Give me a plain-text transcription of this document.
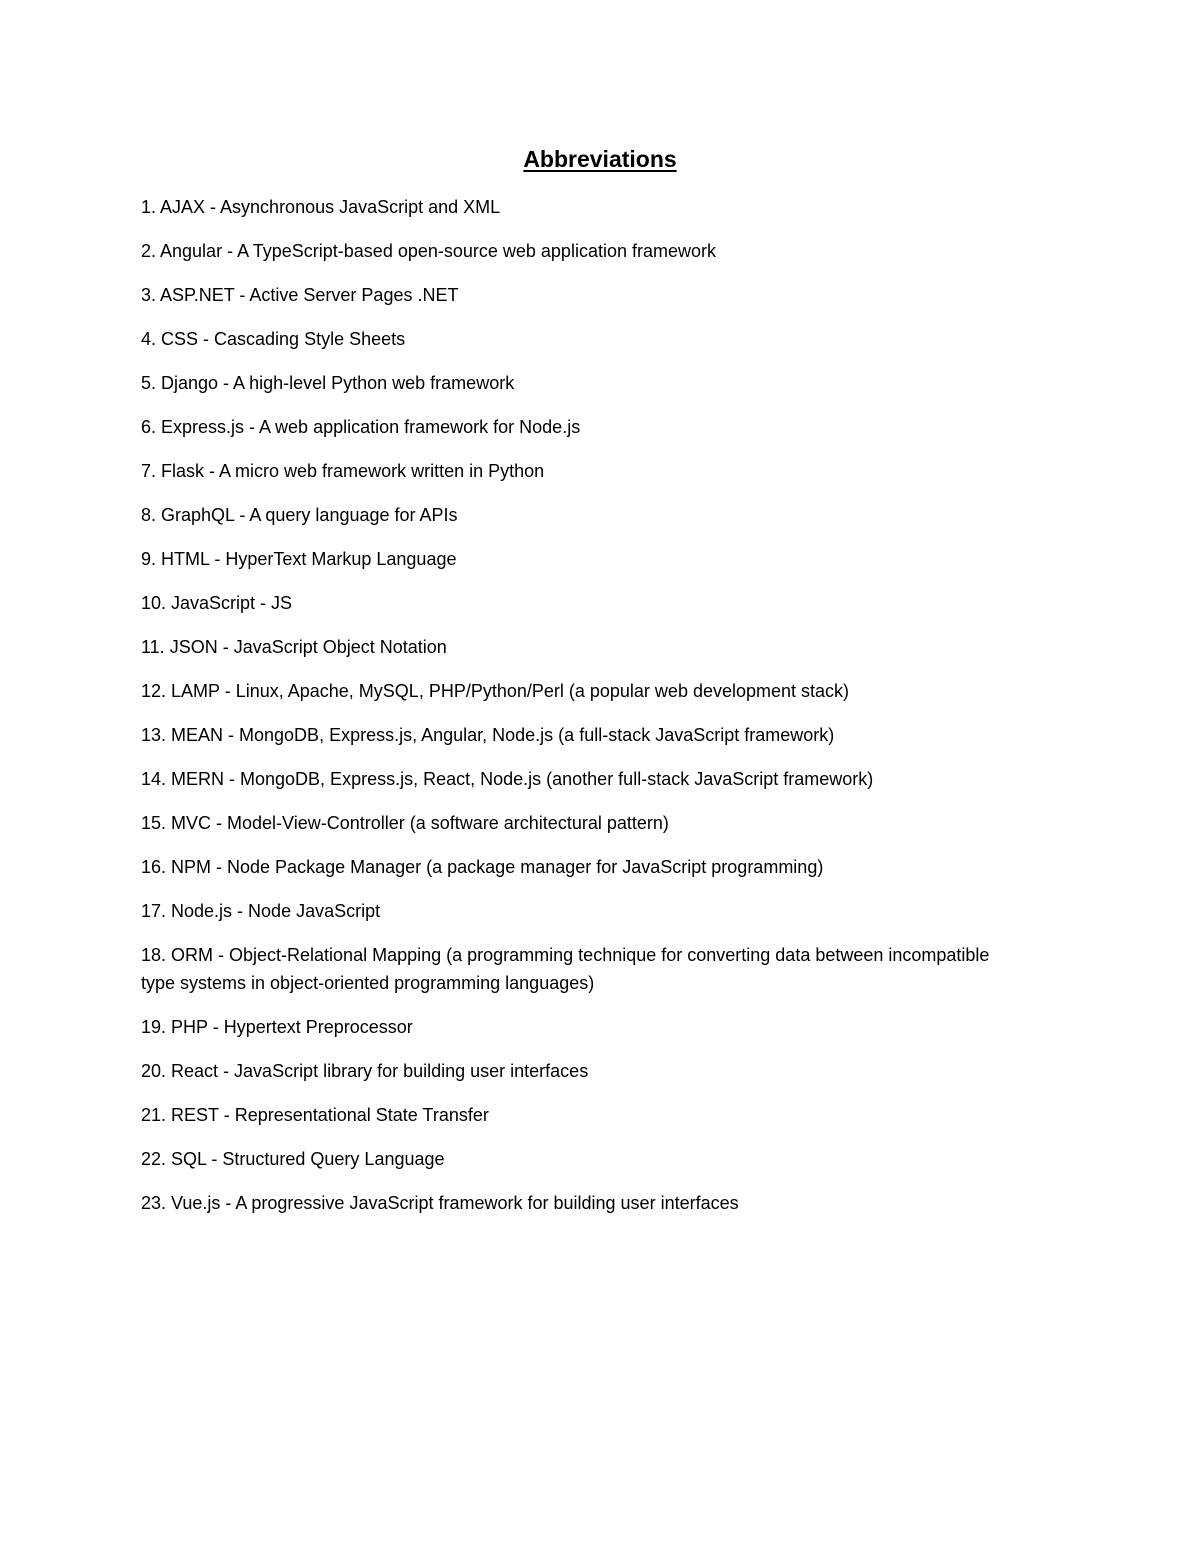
Abbreviations

1. AJAX - Asynchronous JavaScript and XML

2. Angular - A TypeScript-based open-source web application framework

3. ASP.NET - Active Server Pages .NET

4. CSS - Cascading Style Sheets

5. Django - A high-level Python web framework

6. Express.js - A web application framework for Node.js

7. Flask - A micro web framework written in Python

8. GraphQL - A query language for APIs

9. HTML - HyperText Markup Language

10. JavaScript - JS

11. JSON - JavaScript Object Notation

12. LAMP - Linux, Apache, MySQL, PHP/Python/Perl (a popular web development stack)

13. MEAN - MongoDB, Express.js, Angular, Node.js (a full-stack JavaScript framework)

14. MERN - MongoDB, Express.js, React, Node.js (another full-stack JavaScript framework)

15. MVC - Model-View-Controller (a software architectural pattern)

16. NPM - Node Package Manager (a package manager for JavaScript programming)

17. Node.js - Node JavaScript

18. ORM - Object-Relational Mapping (a programming technique for converting data between incompatible type systems in object-oriented programming languages)

19. PHP - Hypertext Preprocessor

20. React - JavaScript library for building user interfaces

21. REST - Representational State Transfer

22. SQL - Structured Query Language

23. Vue.js - A progressive JavaScript framework for building user interfaces
